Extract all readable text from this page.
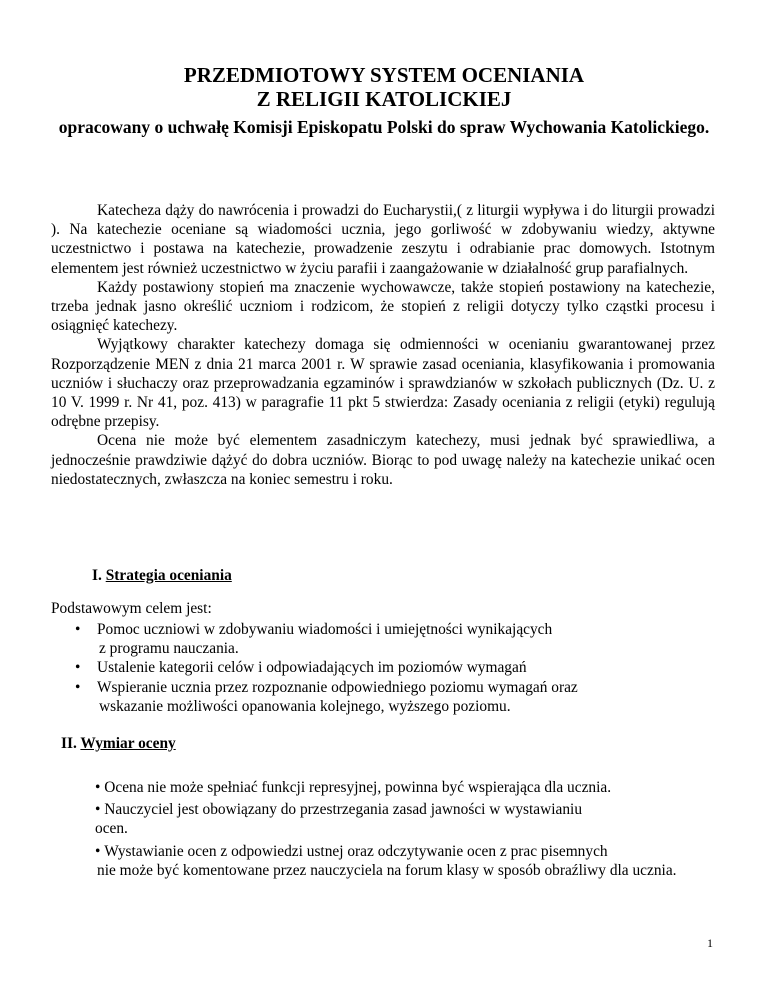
PRZEDMIOTOWY SYSTEM OCENIANIA
Z RELIGII KATOLICKIEJ
opracowany o uchwałę Komisji Episkopatu Polski do spraw Wychowania Katolickiego.

Katecheza dąży do nawrócenia i prowadzi do Eucharystii,( z liturgii wypływa i do liturgii prowadzi ). Na katechezie oceniane są wiadomości ucznia, jego gorliwość w zdobywaniu wiedzy, aktywne uczestnictwo i postawa na katechezie, prowadzenie zeszytu i odrabianie prac domowych. Istotnym elementem jest również uczestnictwo w życiu parafii i zaangażowanie w działalność grup parafialnych.

Każdy postawiony stopień ma znaczenie wychowawcze, także stopień postawiony na katechezie, trzeba jednak jasno określić uczniom i rodzicom, że stopień z religii dotyczy tylko cząstki procesu i osiągnięć katechezy.

Wyjątkowy charakter katechezy domaga się odmienności w ocenianiu gwarantowanej przez Rozporządzenie MEN z dnia 21 marca 2001 r. W sprawie zasad oceniania, klasyfikowania i promowania uczniów i słuchaczy oraz przeprowadzania egzaminów i sprawdzianów w szkołach publicznych (Dz. U. z 10 V. 1999 r. Nr 41, poz. 413) w paragrafie 11 pkt 5 stwierdza: Zasady oceniania z religii (etyki) regulują odrębne przepisy.

Ocena nie może być elementem zasadniczym katechezy, musi jednak być sprawiedliwa, a jednocześnie prawdziwie dążyć do dobra uczniów. Biorąc to pod uwagę należy na katechezie unikać ocen niedostatecznych, zwłaszcza na koniec semestru i roku.

I. Strategia oceniania
Podstawowym celem jest:
• Pomoc uczniowi w zdobywaniu wiadomości i umiejętności wynikających
z programu nauczania.
• Ustalenie kategorii celów i odpowiadających im poziomów wymagań
• Wspieranie ucznia przez rozpoznanie odpowiedniego poziomu wymagań oraz
wskazanie możliwości opanowania kolejnego, wyższego poziomu.
II. Wymiar oceny
• Ocena nie może spełniać funkcji represyjnej, powinna być wspierająca dla ucznia.
• Nauczyciel jest obowiązany do przestrzegania zasad jawności w wystawianiu
ocen.
• Wystawianie ocen z odpowiedzi ustnej oraz odczytywanie ocen z prac pisemnych
nie może być komentowane przez nauczyciela na forum klasy w sposób obraźliwy dla ucznia.
1
